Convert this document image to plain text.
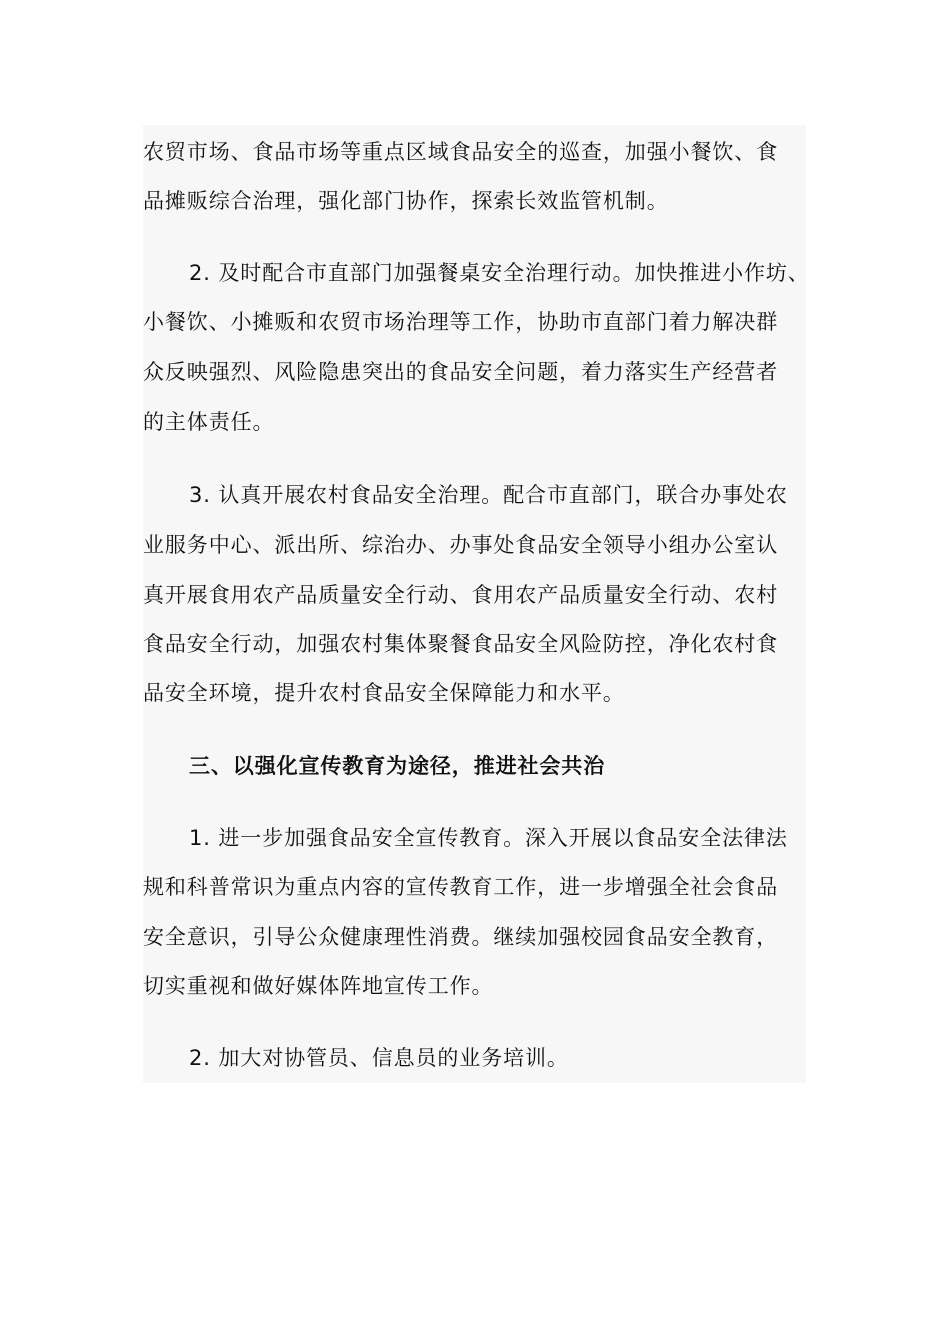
农贸市场、食品市场等重点区域食品安全的巡查，加强小餐饮、食

品摊贩综合治理，强化部门协作，探索长效监管机制。

2. 及时配合市直部门加强餐桌安全治理行动。加快推进小作坊、

小餐饮、小摊贩和农贸市场治理等工作，协助市直部门着力解决群

众反映强烈、风险隐患突出的食品安全问题，着力落实生产经营者

的主体责任。

3. 认真开展农村食品安全治理。配合市直部门，联合办事处农

业服务中心、派出所、综治办、办事处食品安全领导小组办公室认

真开展食用农产品质量安全行动、食用农产品质量安全行动、农村

食品安全行动，加强农村集体聚餐食品安全风险防控，净化农村食

品安全环境，提升农村食品安全保障能力和水平。

三、以强化宣传教育为途径，推进社会共治

1. 进一步加强食品安全宣传教育。深入开展以食品安全法律法

规和科普常识为重点内容的宣传教育工作，进一步增强全社会食品

安全意识，引导公众健康理性消费。继续加强校园食品安全教育，

切实重视和做好媒体阵地宣传工作。

2. 加大对协管员、信息员的业务培训。
